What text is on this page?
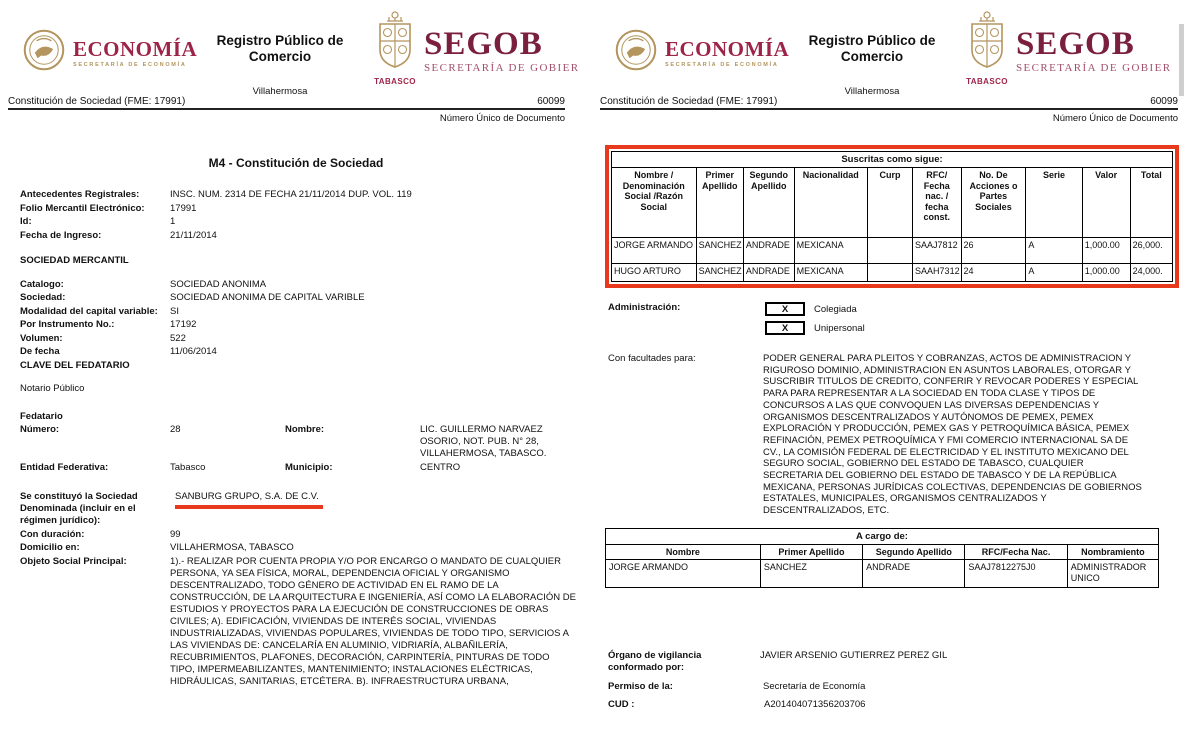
ECONOMÍA
SECRETARÍA DE ECONOMÍA
Registro Público de Comercio
Villahermosa
TABASCO
SEGOB
SECRETARÍA DE GOBIER
Constitución de Sociedad (FME: 17991)	60099
Número Único de Documento
M4 - Constitución de Sociedad
Antecedentes Registrales:	INSC. NUM. 2314 DE FECHA 21/11/2014 DUP. VOL. 119
Folio Mercantil Electrónico:	17991
Id:	1
Fecha de Ingreso:	21/11/2014
SOCIEDAD MERCANTIL
Catalogo:	SOCIEDAD ANONIMA
Sociedad:	SOCIEDAD ANONIMA DE CAPITAL VARIBLE
Modalidad del capital variable:	SI
Por Instrumento No.:	17192
Volumen:	522
De fecha	11/06/2014
CLAVE DEL FEDATARIO
Notario Público
Fedatario
Número:	28	Nombre:	LIC. GUILLERMO NARVAEZ OSORIO, NOT. PUB. N° 28, VILLAHERMOSA, TABASCO.
Entidad Federativa:	Tabasco	Municipio:	CENTRO
Se constituyó la Sociedad Denominada (incluir en el régimen jurídico):
SANBURG GRUPO, S.A. DE C.V.
Con duración:	99
Domicilio en:	VILLAHERMOSA, TABASCO
Objeto Social Principal:	1).- REALIZAR POR CUENTA PROPIA Y/O POR ENCARGO O MANDATO DE CUALQUIER PERSONA, YA SEA FÍSICA, MORAL, DEPENDENCIA OFICIAL Y ORGANISMO DESCENTRALIZADO, TODO GÉNERO DE ACTIVIDAD EN EL RAMO DE LA CONSTRUCCIÓN, DE LA ARQUITECTURA E INGENIERÍA, ASÍ COMO LA ELABORACIÓN DE ESTUDIOS Y PROYECTOS PARA LA EJECUCIÓN DE CONSTRUCCIONES DE OBRAS CIVILES; A). EDIFICACIÓN, VIVIENDAS DE INTERÉS SOCIAL, VIVIENDAS INDUSTRIALIZADAS, VIVIENDAS POPULARES, VIVIENDAS DE TODO TIPO, SERVICIOS A LAS VIVIENDAS DE: CANCELARÍA EN ALUMINIO, VIDRIARÍA, ALBAÑILERÍA, RECUBRIMIENTOS, PLAFONES, DECORACIÓN, CARPINTERÍA, PINTURAS DE TODO TIPO, IMPERMEABILIZANTES, MANTENIMIENTO; INSTALACIONES ELÉCTRICAS, HIDRÁULICAS, SANITARIAS, ETCÉTERA. B). INFRAESTRUCTURA URBANA,
ECONOMÍA
SECRETARÍA DE ECONOMÍA
Registro Público de Comercio
Villahermosa
TABASCO
SEGOB
SECRETARÍA DE GOBIER
Constitución de Sociedad (FME: 17991)	60099
Número Único de Documento
Suscritas como sigue:									
Nombre / Denominación Social /Razón Social	Primer Apellido	Segundo Apellido	Nacionalidad	Curp	RFC/ Fecha nac. / fecha const.	No. De Acciones o Partes Sociales	Serie	Valor	Total
JORGE ARMANDO	SANCHEZ	ANDRADE	MEXICANA		SAAJ7812	26	A	1,000.00	26,000.
HUGO ARTURO	SANCHEZ	ANDRADE	MEXICANA		SAAH7312	24	A	1,000.00	24,000.
Administración:	X	Colegiada
X	Unipersonal
Con facultades para:	PODER GENERAL PARA PLEITOS Y COBRANZAS, ACTOS DE ADMINISTRACION Y RIGUROSO DOMINIO, ADMINISTRACION EN ASUNTOS LABORALES, OTORGAR Y SUSCRIBIR TITULOS DE CREDITO, CONFERIR Y REVOCAR PODERES Y ESPECIAL PARA PARA REPRESENTAR A LA SOCIEDAD EN TODA CLASE Y TIPOS DE CONCURSOS A LAS QUE CONVOQUEN LAS DIVERSAS DEPENDENCIAS Y ORGANISMOS DESCENTRALIZADOS Y AUTÓNOMOS DE PEMEX, PEMEX EXPLORACIÓN Y PRODUCCIÓN, PEMEX GAS Y PETROQUÍMICA BÁSICA, PEMEX REFINACIÓN, PEMEX PETROQUÍMICA Y FMI COMERCIO INTERNACIONAL SA DE CV., LA COMISIÓN FEDERAL DE ELECTRICIDAD Y EL INSTITUTO MEXICANO DEL SEGURO SOCIAL, GOBIERNO DEL ESTADO DE TABASCO, CUALQUIER SECRETARIA DEL GOBIERNO DEL ESTADO DE TABASCO Y DE LA REPÚBLICA MEXICANA, PERSONAS JURÍDICAS COLECTIVAS, DEPENDENCIAS DE GOBIERNOS ESTATALES, MUNICIPALES, ORGANISMOS CENTRALIZADOS Y DESCENTRALIZADOS, ETC.
A cargo de:				
Nombre	Primer Apellido	Segundo Apellido	RFC/Fecha Nac.	Nombramiento
JORGE ARMANDO	SANCHEZ	ANDRADE	SAAJ7812275J0	ADMINISTRADOR UNICO
Órgano de vigilancia conformado por:
JAVIER ARSENIO GUTIERREZ PEREZ GIL
Permiso de la:	Secretaría de Economía
CUD :	A201404071356203706
